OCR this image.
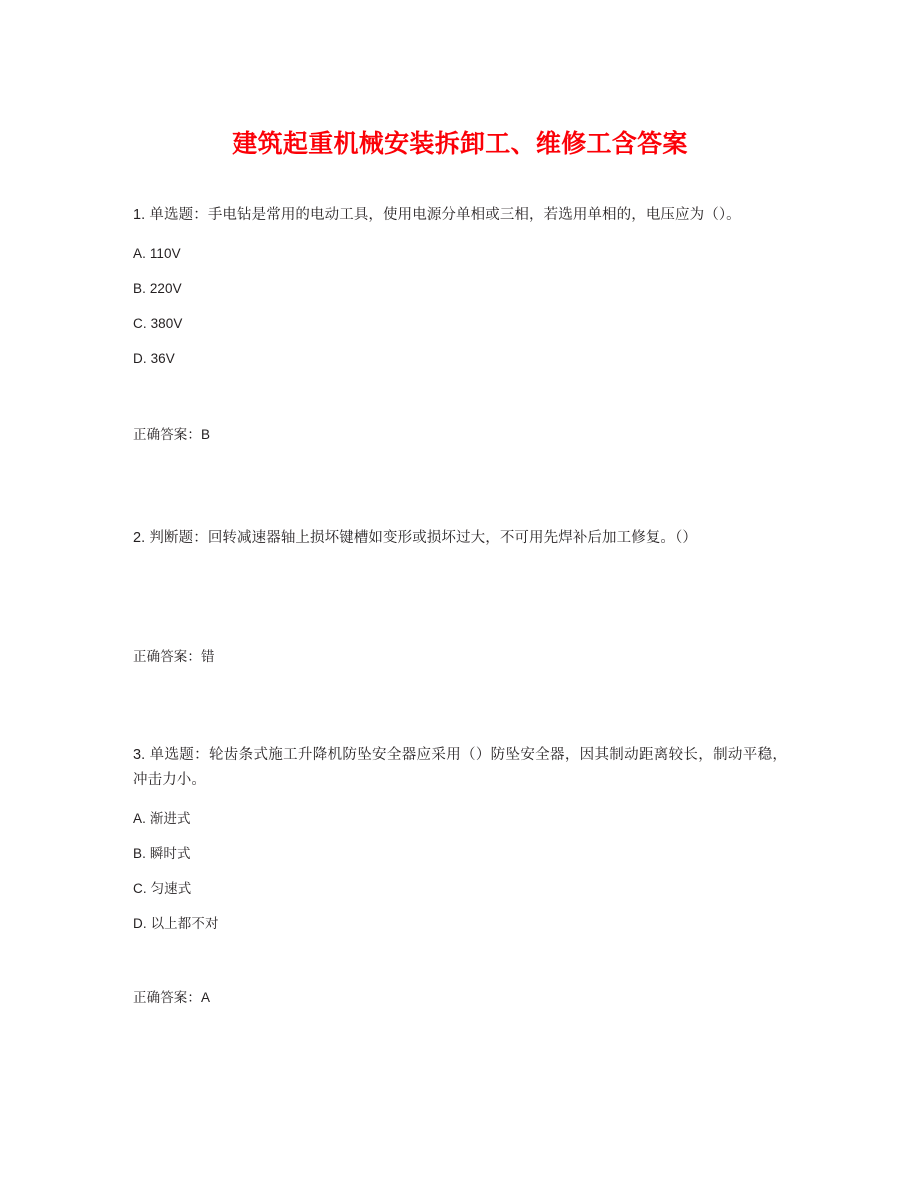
建筑起重机械安装拆卸工、维修工含答案

1. 单选题：手电钻是常用的电动工具，使用电源分单相或三相，若选用单相的，电压应为（）。

A. 110V
B. 220V
C. 380V
D. 36V

正确答案：B

2. 判断题：回转减速器轴上损坏键槽如变形或损坏过大，不可用先焊补后加工修复。（）

正确答案：错

3. 单选题：轮齿条式施工升降机防坠安全器应采用（）防坠安全器，因其制动距离较长，制动平稳，冲击力小。

A. 渐进式
B. 瞬时式
C. 匀速式
D. 以上都不对

正确答案：A
